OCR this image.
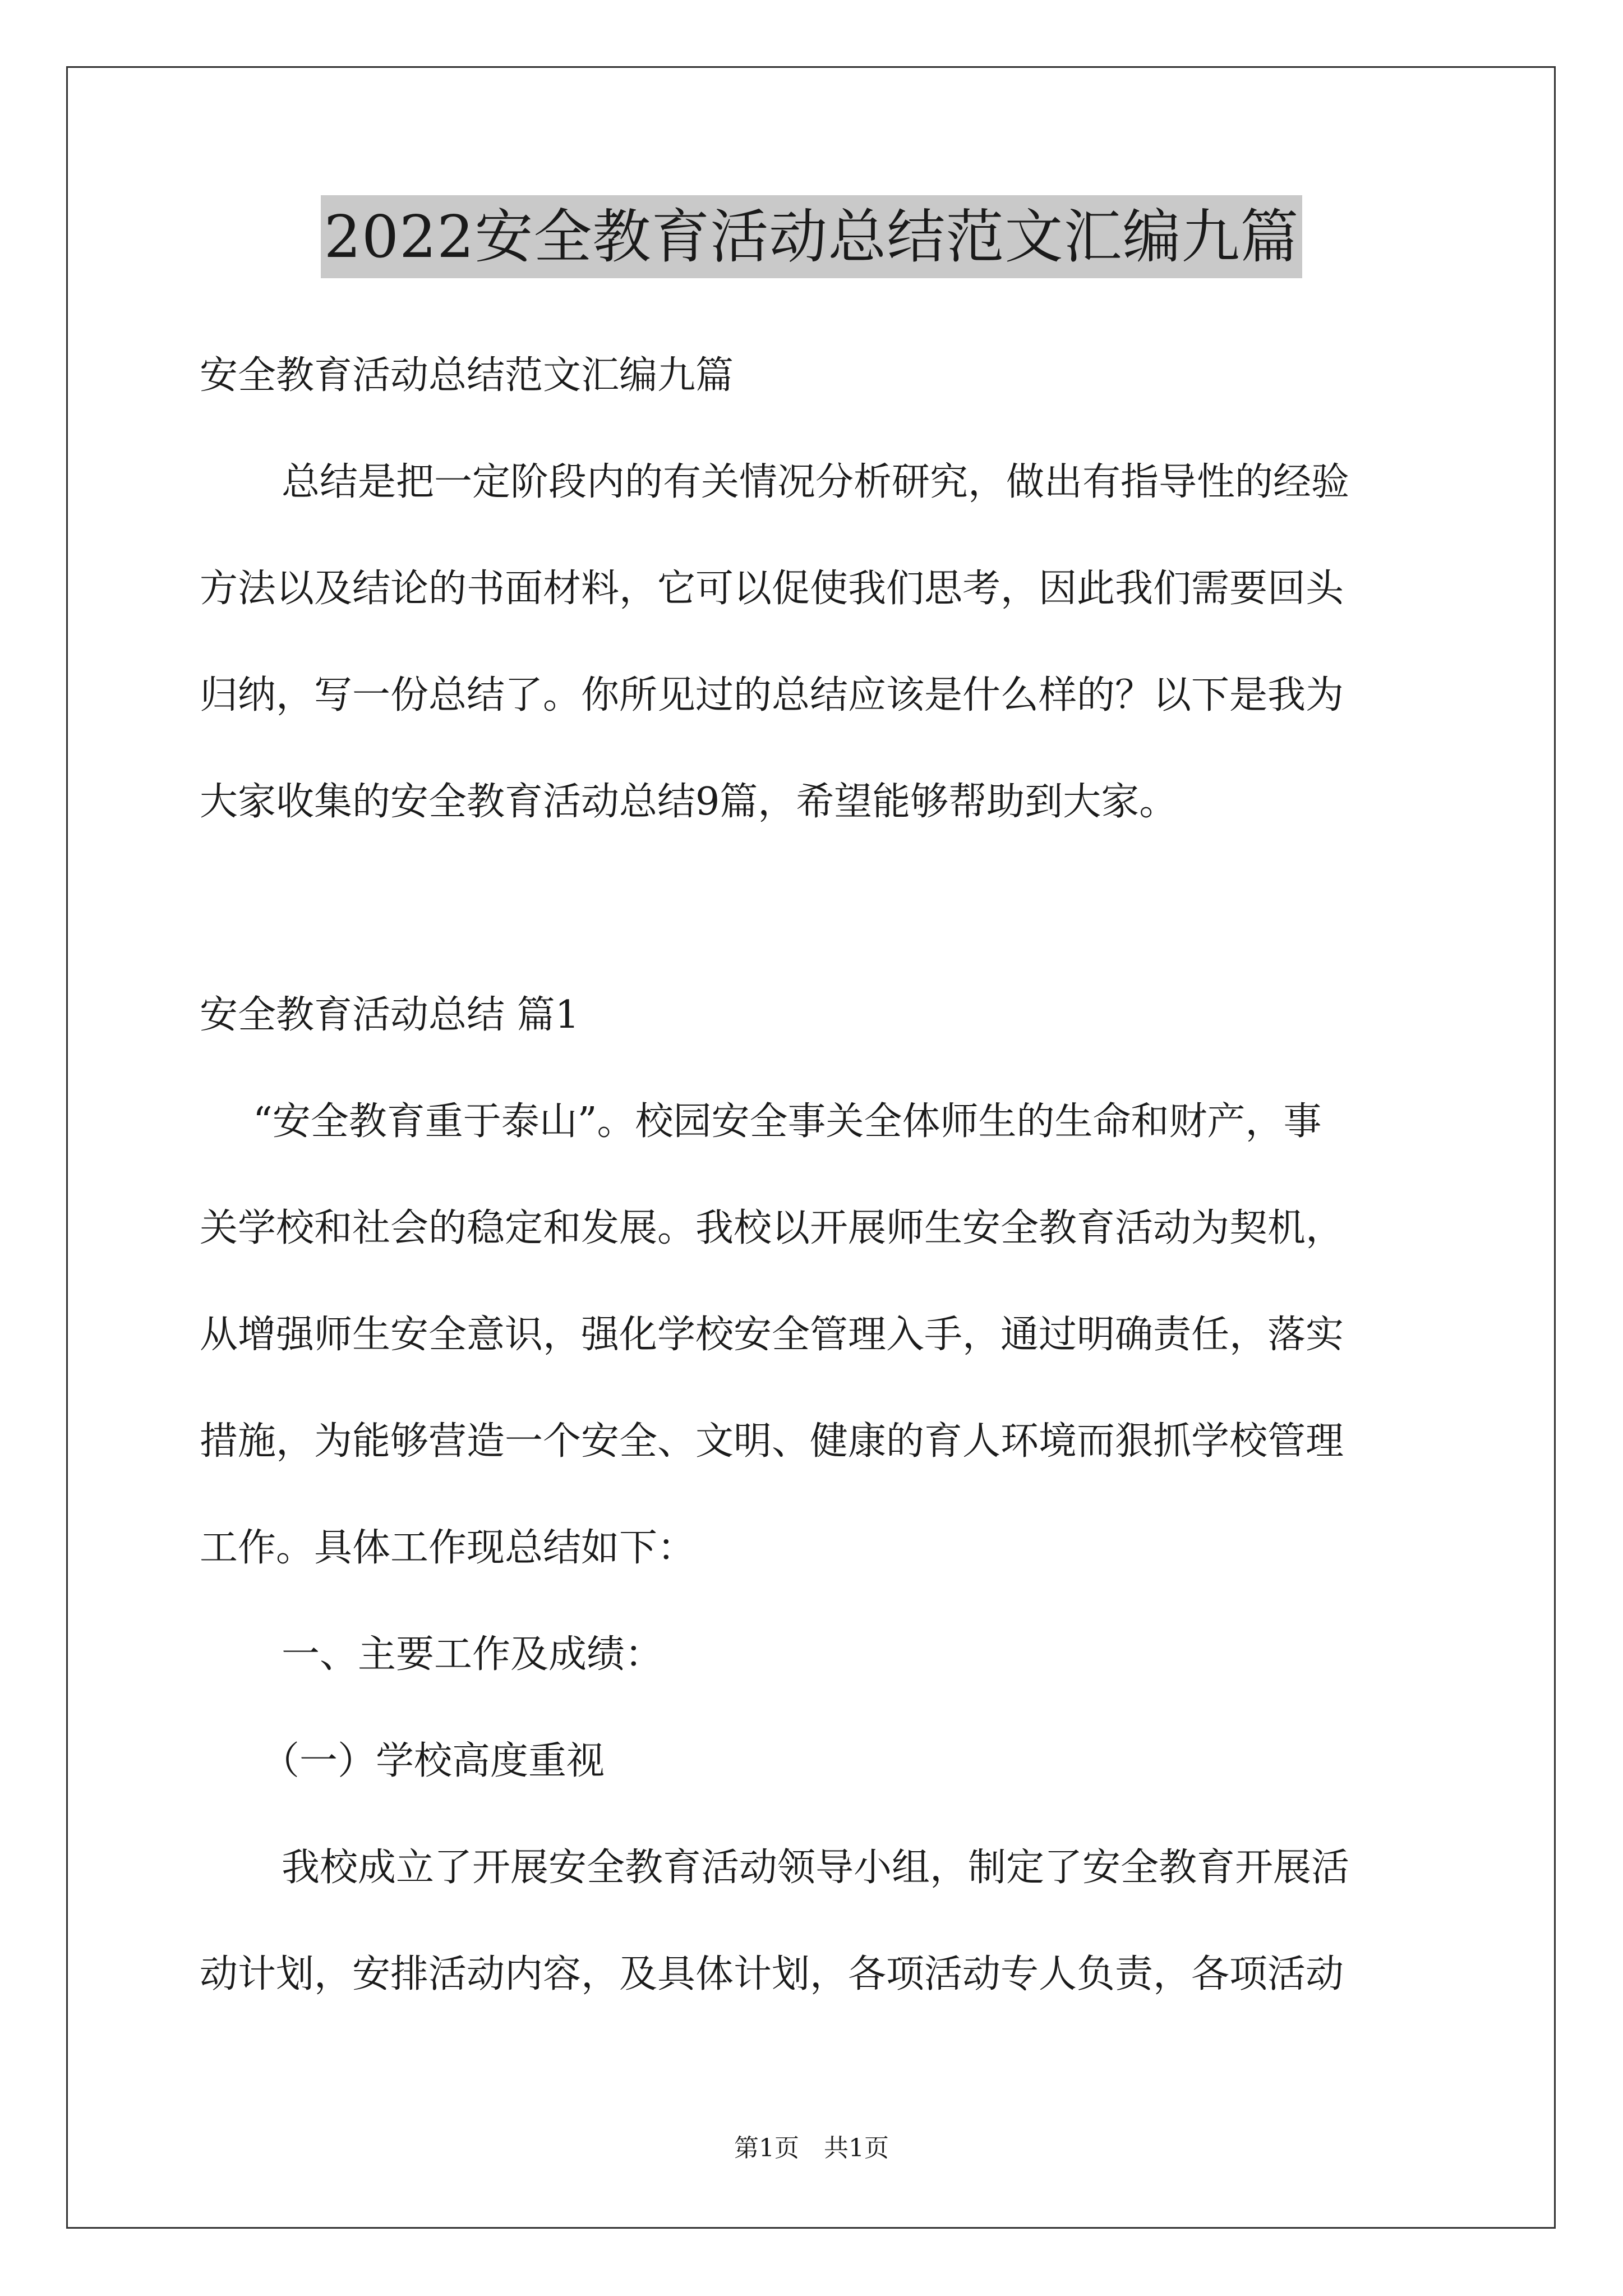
2022安全教育活动总结范文汇编九篇
安全教育活动总结范文汇编九篇
总结是把一定阶段内的有关情况分析研究，做出有指导性的经验
方法以及结论的书面材料，它可以促使我们思考，因此我们需要回头
归纳，写一份总结了。你所见过的总结应该是什么样的？以下是我为
大家收集的安全教育活动总结9篇，希望能够帮助到大家。
安全教育活动总结 篇1
“安全教育重于泰山”。校园安全事关全体师生的生命和财产，事
关学校和社会的稳定和发展。我校以开展师生安全教育活动为契机，
从增强师生安全意识，强化学校安全管理入手，通过明确责任，落实
措施，为能够营造一个安全、文明、健康的育人环境而狠抓学校管理
工作。具体工作现总结如下：
一、主要工作及成绩：
（一）学校高度重视
我校成立了开展安全教育活动领导小组，制定了安全教育开展活
动计划，安排活动内容，及具体计划，各项活动专人负责，各项活动
第1页　共1页
